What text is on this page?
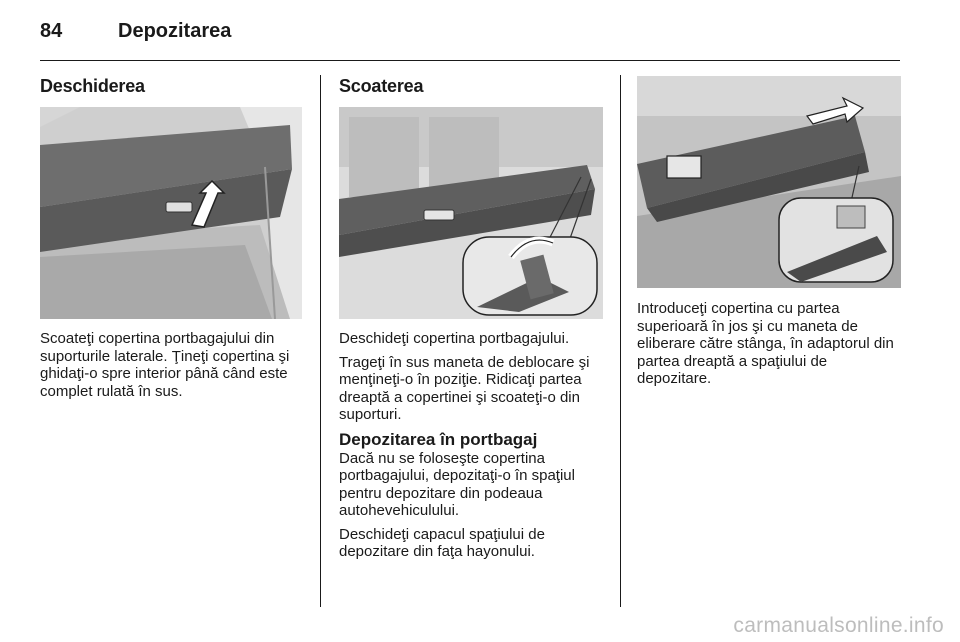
84	Depozitarea
Deschiderea

Scoateţi copertina portbagajului din suporturile laterale. Ţineţi copertina şi ghidaţi-o spre interior până când este complet rulată în sus.

Scoaterea

Deschideţi copertina portbagajului.

Trageţi în sus maneta de deblocare şi menţineţi-o în poziţie. Ridicaţi partea dreaptă a copertinei şi scoateţi-o din suporturi.

Depozitarea în portbagaj

Dacă nu se foloseşte copertina portbagajului, depozitaţi-o în spaţiul pentru depozitare din podeaua autohevehiculului.

Deschideţi capacul spaţiului de depozitare din faţa hayonului.

Introduceţi copertina cu partea superioară în jos şi cu maneta de eliberare către stânga, în adaptorul din partea dreaptă a spaţiului de depozitare.

carmanualsonline.info
